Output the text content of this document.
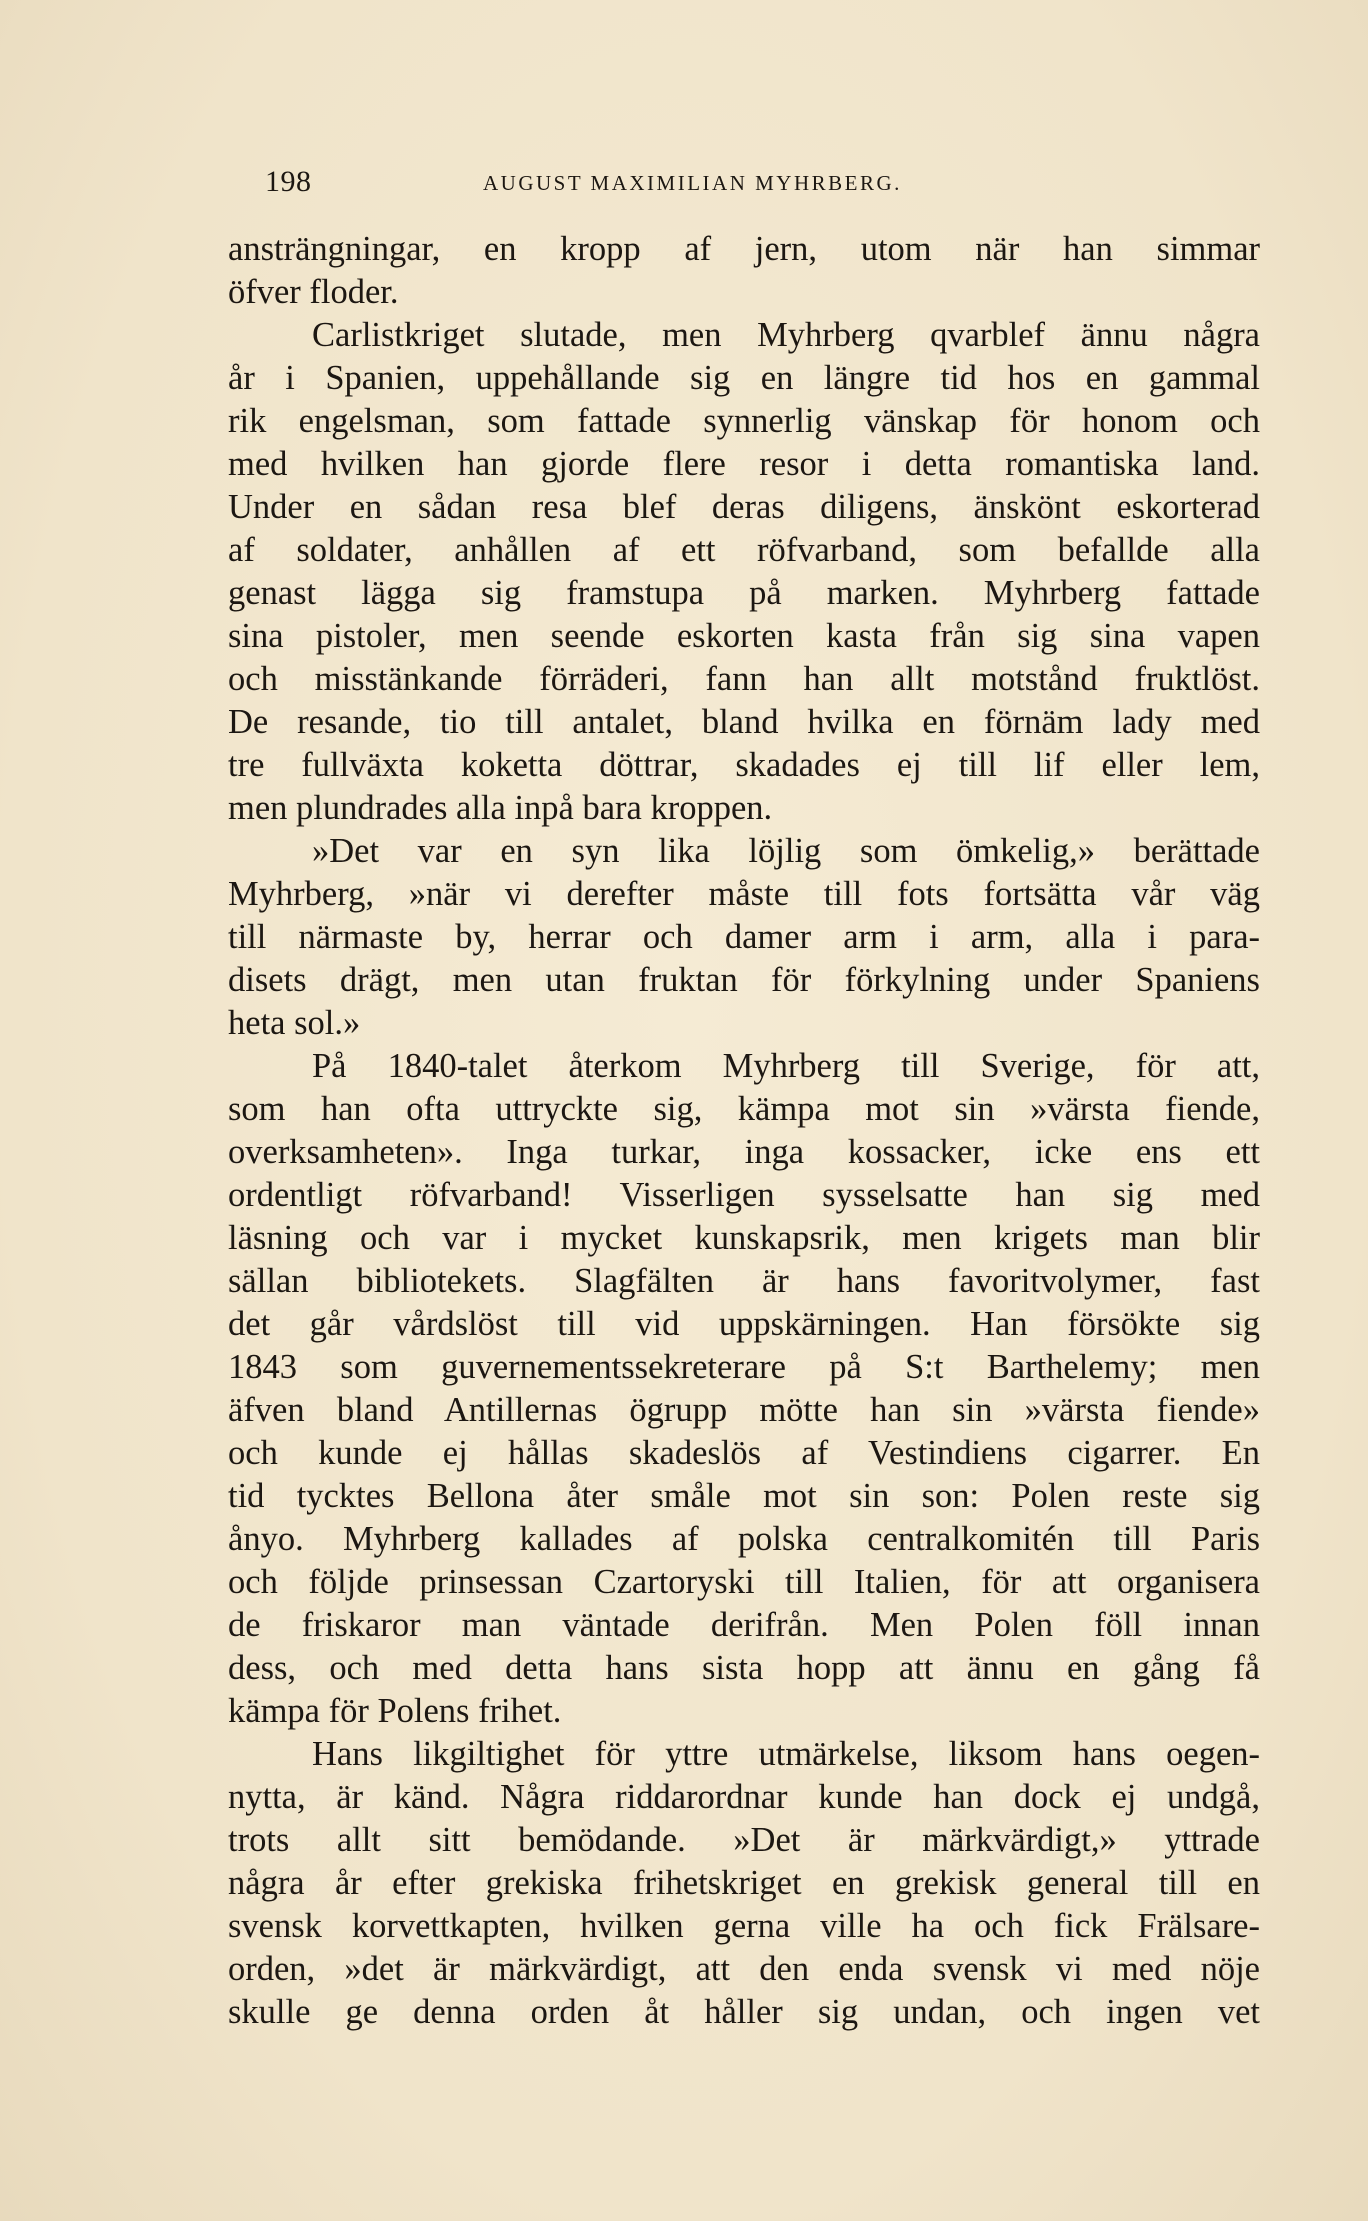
198	AUGUST MAXIMILIAN MYHRBERG.
ansträngningar, en kropp af jern, utom när han simmar
öfver floder.
Carlistkriget slutade, men Myhrberg qvarblef ännu några
år i Spanien, uppehållande sig en längre tid hos en gammal
rik engelsman, som fattade synnerlig vänskap för honom och
med hvilken han gjorde flere resor i detta romantiska land.
Under en sådan resa blef deras diligens, änskönt eskorterad
af soldater, anhållen af ett röfvarband, som befallde alla
genast lägga sig framstupa på marken. Myhrberg fattade
sina pistoler, men seende eskorten kasta från sig sina vapen
och misstänkande förräderi, fann han allt motstånd fruktlöst.
De resande, tio till antalet, bland hvilka en förnäm lady med
tre fullväxta koketta döttrar, skadades ej till lif eller lem,
men plundrades alla inpå bara kroppen.
»Det var en syn lika löjlig som ömkelig,» berättade
Myhrberg, »när vi derefter måste till fots fortsätta vår väg
till närmaste by, herrar och damer arm i arm, alla i para-
disets drägt, men utan fruktan för förkylning under Spaniens
heta sol.»
På 1840-talet återkom Myhrberg till Sverige, för att,
som han ofta uttryckte sig, kämpa mot sin »värsta fiende,
overksamheten». Inga turkar, inga kossacker, icke ens ett
ordentligt röfvarband! Visserligen sysselsatte han sig med
läsning och var i mycket kunskapsrik, men krigets man blir
sällan bibliotekets. Slagfälten är hans favoritvolymer, fast
det går vårdslöst till vid uppskärningen. Han försökte sig
1843 som guvernementssekreterare på S:t Barthelemy; men
äfven bland Antillernas ögrupp mötte han sin »värsta fiende»
och kunde ej hållas skadeslös af Vestindiens cigarrer. En
tid tycktes Bellona åter småle mot sin son: Polen reste sig
ånyo. Myhrberg kallades af polska centralkomitén till Paris
och följde prinsessan Czartoryski till Italien, för att organisera
de friskaror man väntade derifrån. Men Polen föll innan
dess, och med detta hans sista hopp att ännu en gång få
kämpa för Polens frihet.
Hans likgiltighet för yttre utmärkelse, liksom hans oegen-
nytta, är känd. Några riddarordnar kunde han dock ej undgå,
trots allt sitt bemödande. »Det är märkvärdigt,» yttrade
några år efter grekiska frihetskriget en grekisk general till en
svensk korvettkapten, hvilken gerna ville ha och fick Frälsare-
orden, »det är märkvärdigt, att den enda svensk vi med nöje
skulle ge denna orden åt håller sig undan, och ingen vet
